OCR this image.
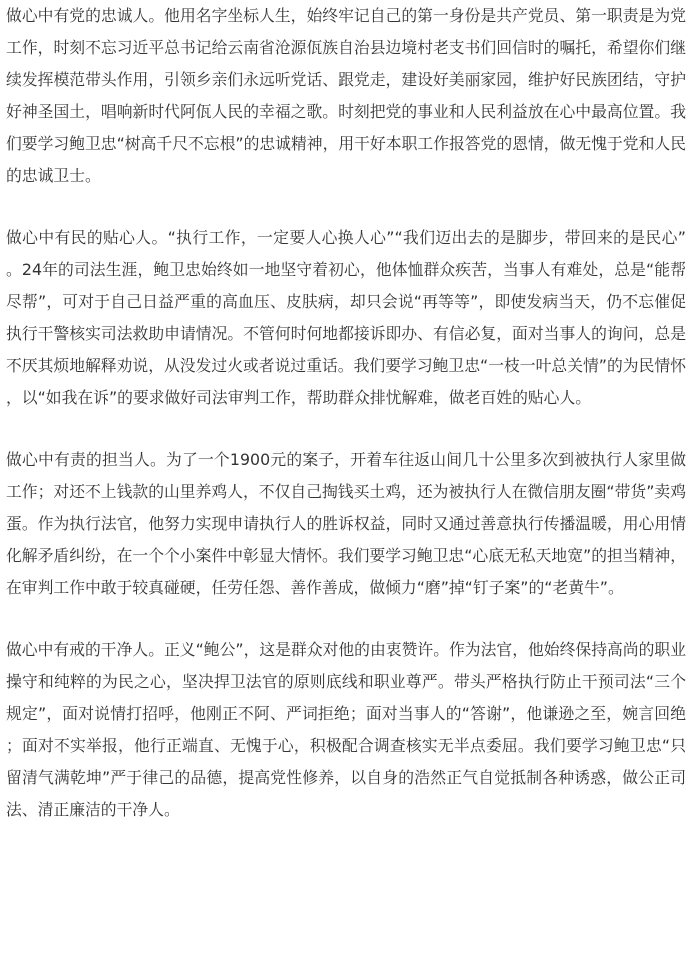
做心中有党的忠诚人。他用名字坐标人生，始终牢记自己的第一身份是共产党员、第一职责是为党工作，时刻不忘习近平总书记给云南省沧源佤族自治县边境村老支书们回信时的嘱托，希望你们继续发挥模范带头作用，引领乡亲们永远听党话、跟党走，建设好美丽家园，维护好民族团结，守护好神圣国土，唱响新时代阿佤人民的幸福之歌。时刻把党的事业和人民利益放在心中最高位置。我们要学习鲍卫忠“树高千尺不忘根”的忠诚精神，用干好本职工作报答党的恩情，做无愧于党和人民的忠诚卫士。

做心中有民的贴心人。“执行工作，一定要人心换人心”“我们迈出去的是脚步，带回来的是民心”。24年的司法生涯，鲍卫忠始终如一地坚守着初心，他体恤群众疾苦，当事人有难处，总是“能帮尽帮”，可对于自己日益严重的高血压、皮肤病，却只会说“再等等”，即使发病当天，仍不忘催促执行干警核实司法救助申请情况。不管何时何地都接诉即办、有信必复，面对当事人的询问，总是不厌其烦地解释劝说，从没发过火或者说过重话。我们要学习鲍卫忠“一枝一叶总关情”的为民情怀，以“如我在诉”的要求做好司法审判工作，帮助群众排忧解难，做老百姓的贴心人。

做心中有责的担当人。为了一个1900元的案子，开着车往返山间几十公里多次到被执行人家里做工作；对还不上钱款的山里养鸡人，不仅自己掏钱买土鸡，还为被执行人在微信朋友圈“带货”卖鸡蛋。作为执行法官，他努力实现申请执行人的胜诉权益，同时又通过善意执行传播温暖，用心用情化解矛盾纠纷，在一个个小案件中彰显大情怀。我们要学习鲍卫忠“心底无私天地宽”的担当精神，在审判工作中敢于较真碰硬，任劳任怨、善作善成，做倾力“磨”掉“钉子案”的“老黄牛”。

做心中有戒的干净人。正义“鲍公”，这是群众对他的由衷赞许。作为法官，他始终保持高尚的职业操守和纯粹的为民之心，坚决捍卫法官的原则底线和职业尊严。带头严格执行防止干预司法“三个规定”，面对说情打招呼，他刚正不阿、严词拒绝；面对当事人的“答谢”，他谦逊之至，婉言回绝；面对不实举报，他行正端直、无愧于心，积极配合调查核实无半点委屈。我们要学习鲍卫忠“只留清气满乾坤”严于律己的品德，提高党性修养，以自身的浩然正气自觉抵制各种诱惑，做公正司法、清正廉洁的干净人。
